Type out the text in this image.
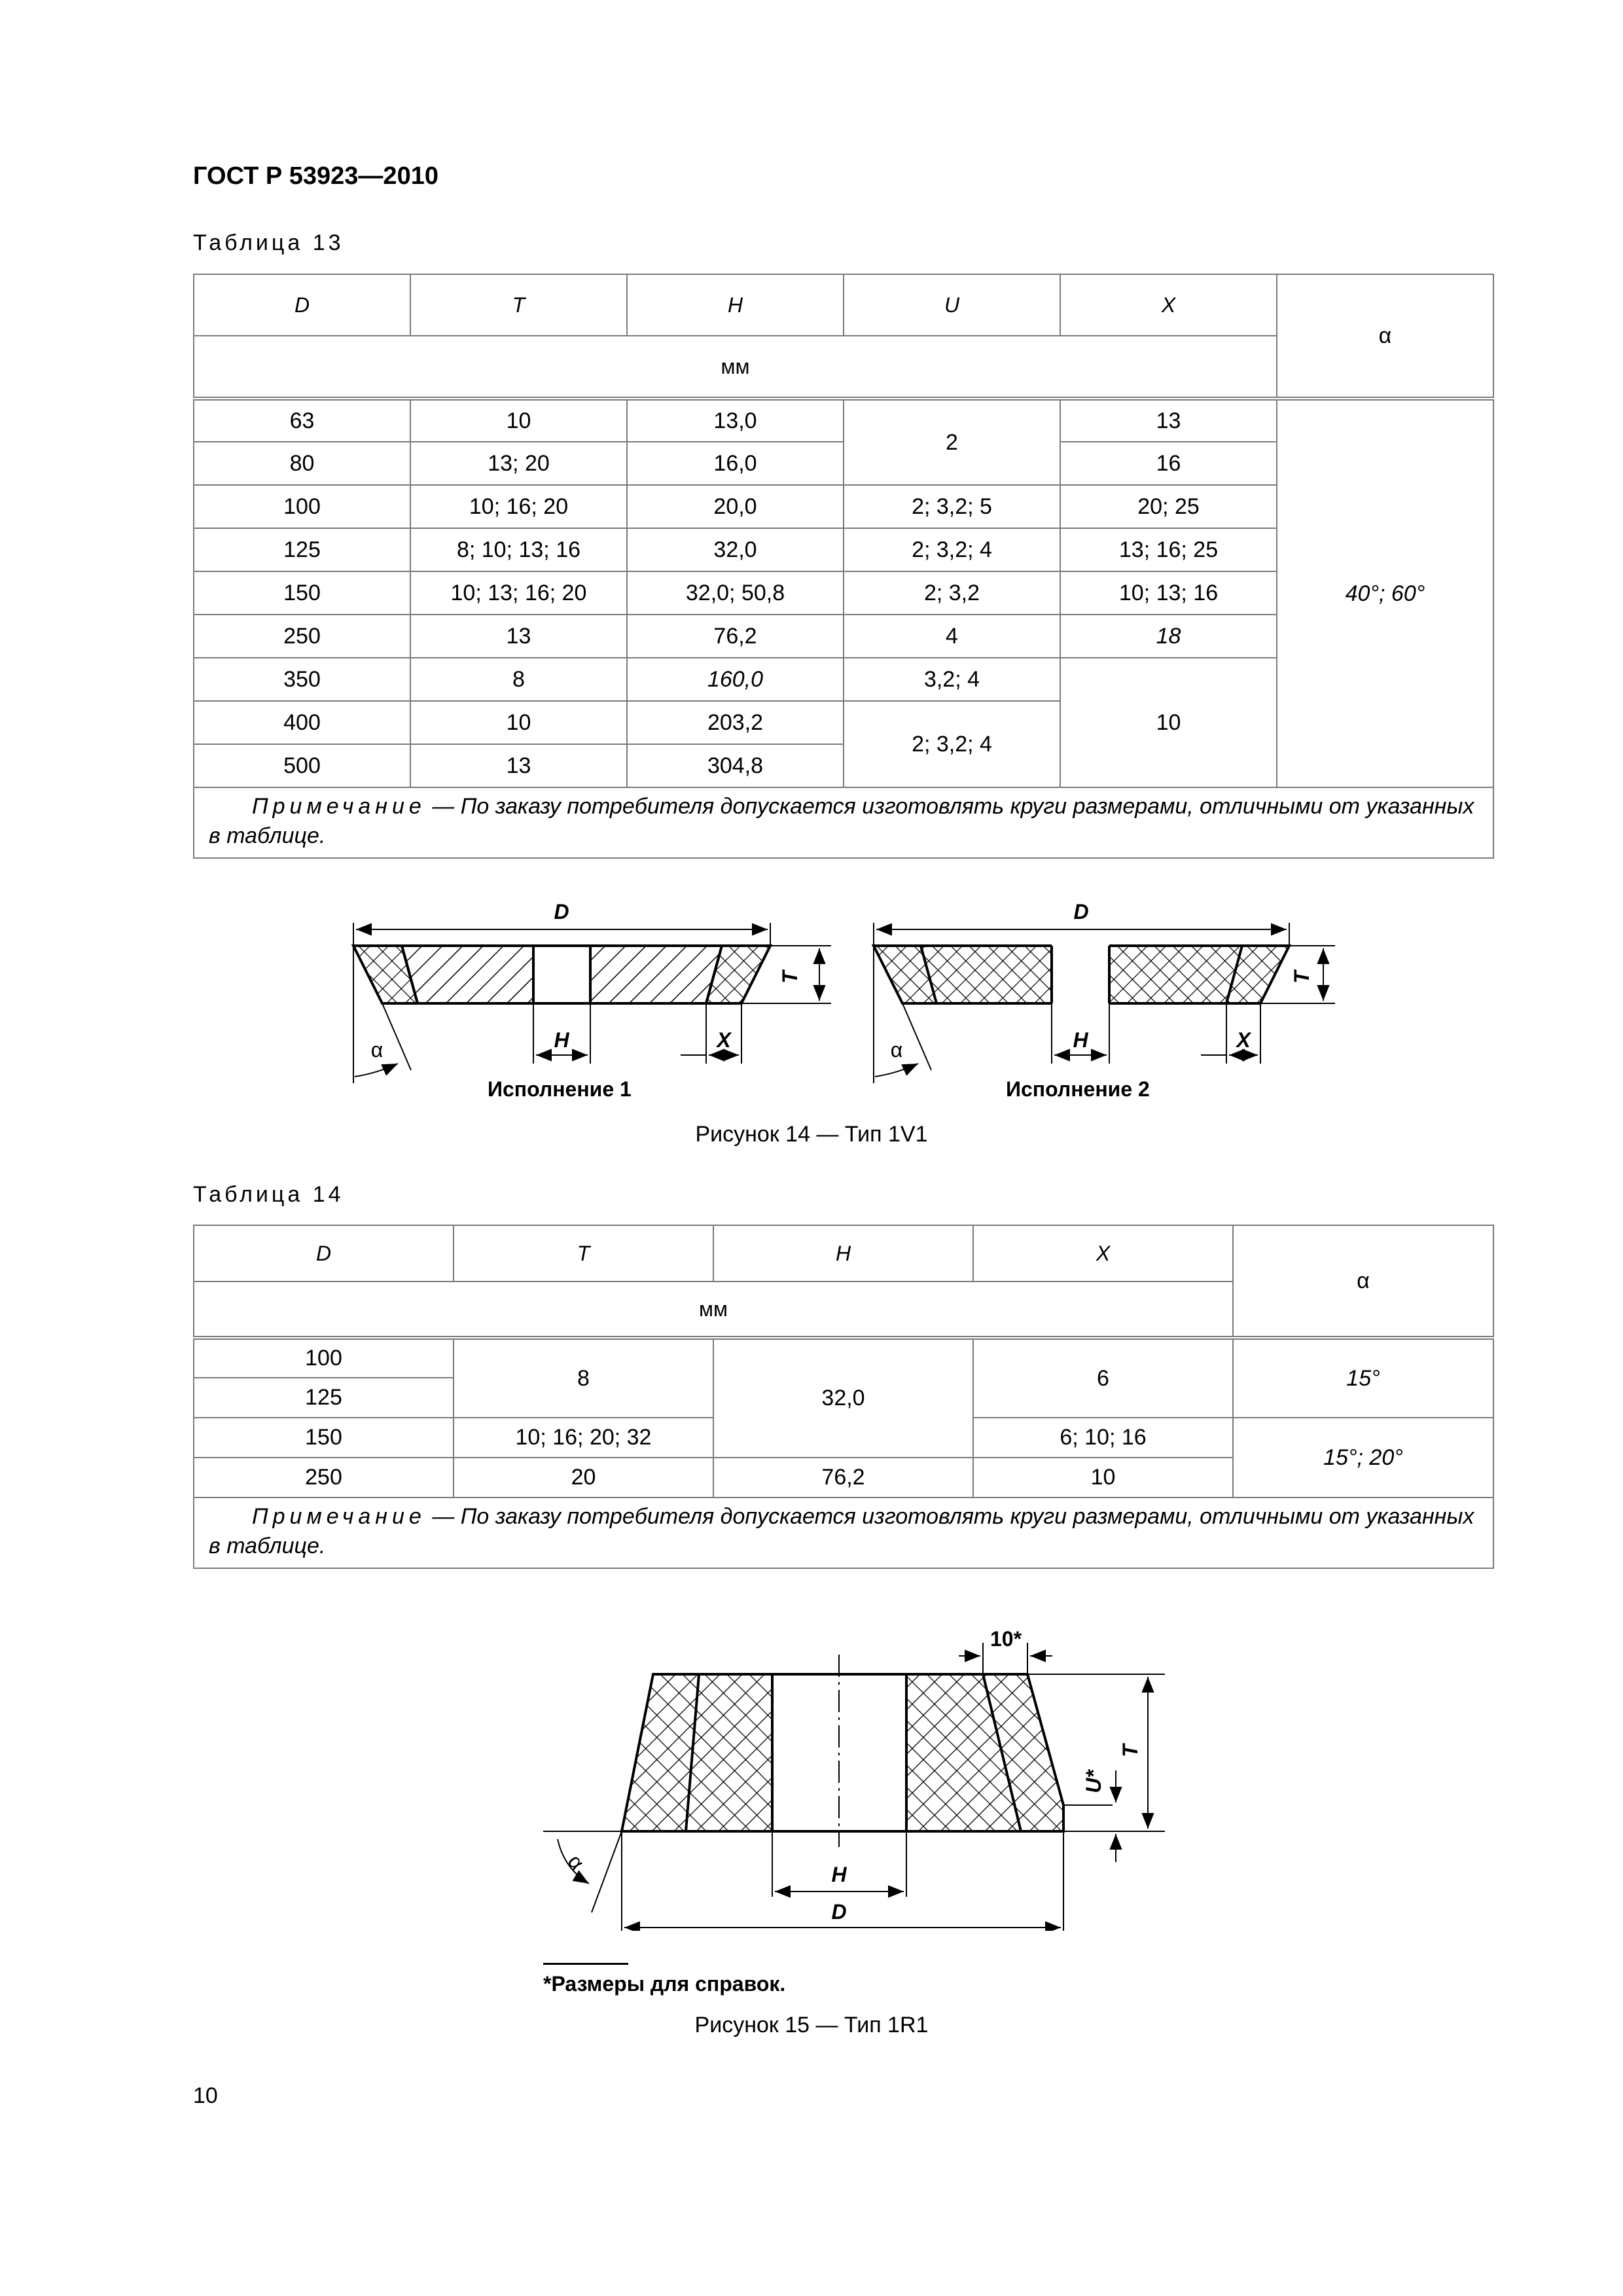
ГОСТ Р 53923—2010
Таблица 13
D	T	H	U	X	α
мм					
63	10	13,0	2	13	40°; 60°
80	13; 20	16,0		16	
100	10; 16; 20	20,0	2; 3,2; 5	20; 25	
125	8; 10; 13; 16	32,0	2; 3,2; 4	13; 16; 25	
150	10; 13; 16; 20	32,0; 50,8	2; 3,2	10; 13; 16	
250	13	76,2	4	18	
350	8	160,0	3,2; 4	10	
400	10	203,2	2; 3,2; 4		
500	13	304,8			

Примечание — По заказу потребителя допускается изготовлять круги размерами, отличными от указанных в таблице.					
D
T
H	X
α
D
T
H	X
α
Исполнение 1	Исполнение 2
Рисунок 14 — Тип 1V1
Таблица 14
D	T	H	X	α
мм				
100	8	32,0	6	15°
125				
150	10; 16; 20; 32		6; 10; 16	15°; 20°
250	20	76,2	10	

Примечание — По заказу потребителя допускается изготовлять круги размерами, отличными от указанных в таблице.				
10*
T
U*
H
D
α
*Размеры для справок.
Рисунок 15 — Тип 1R1
10
